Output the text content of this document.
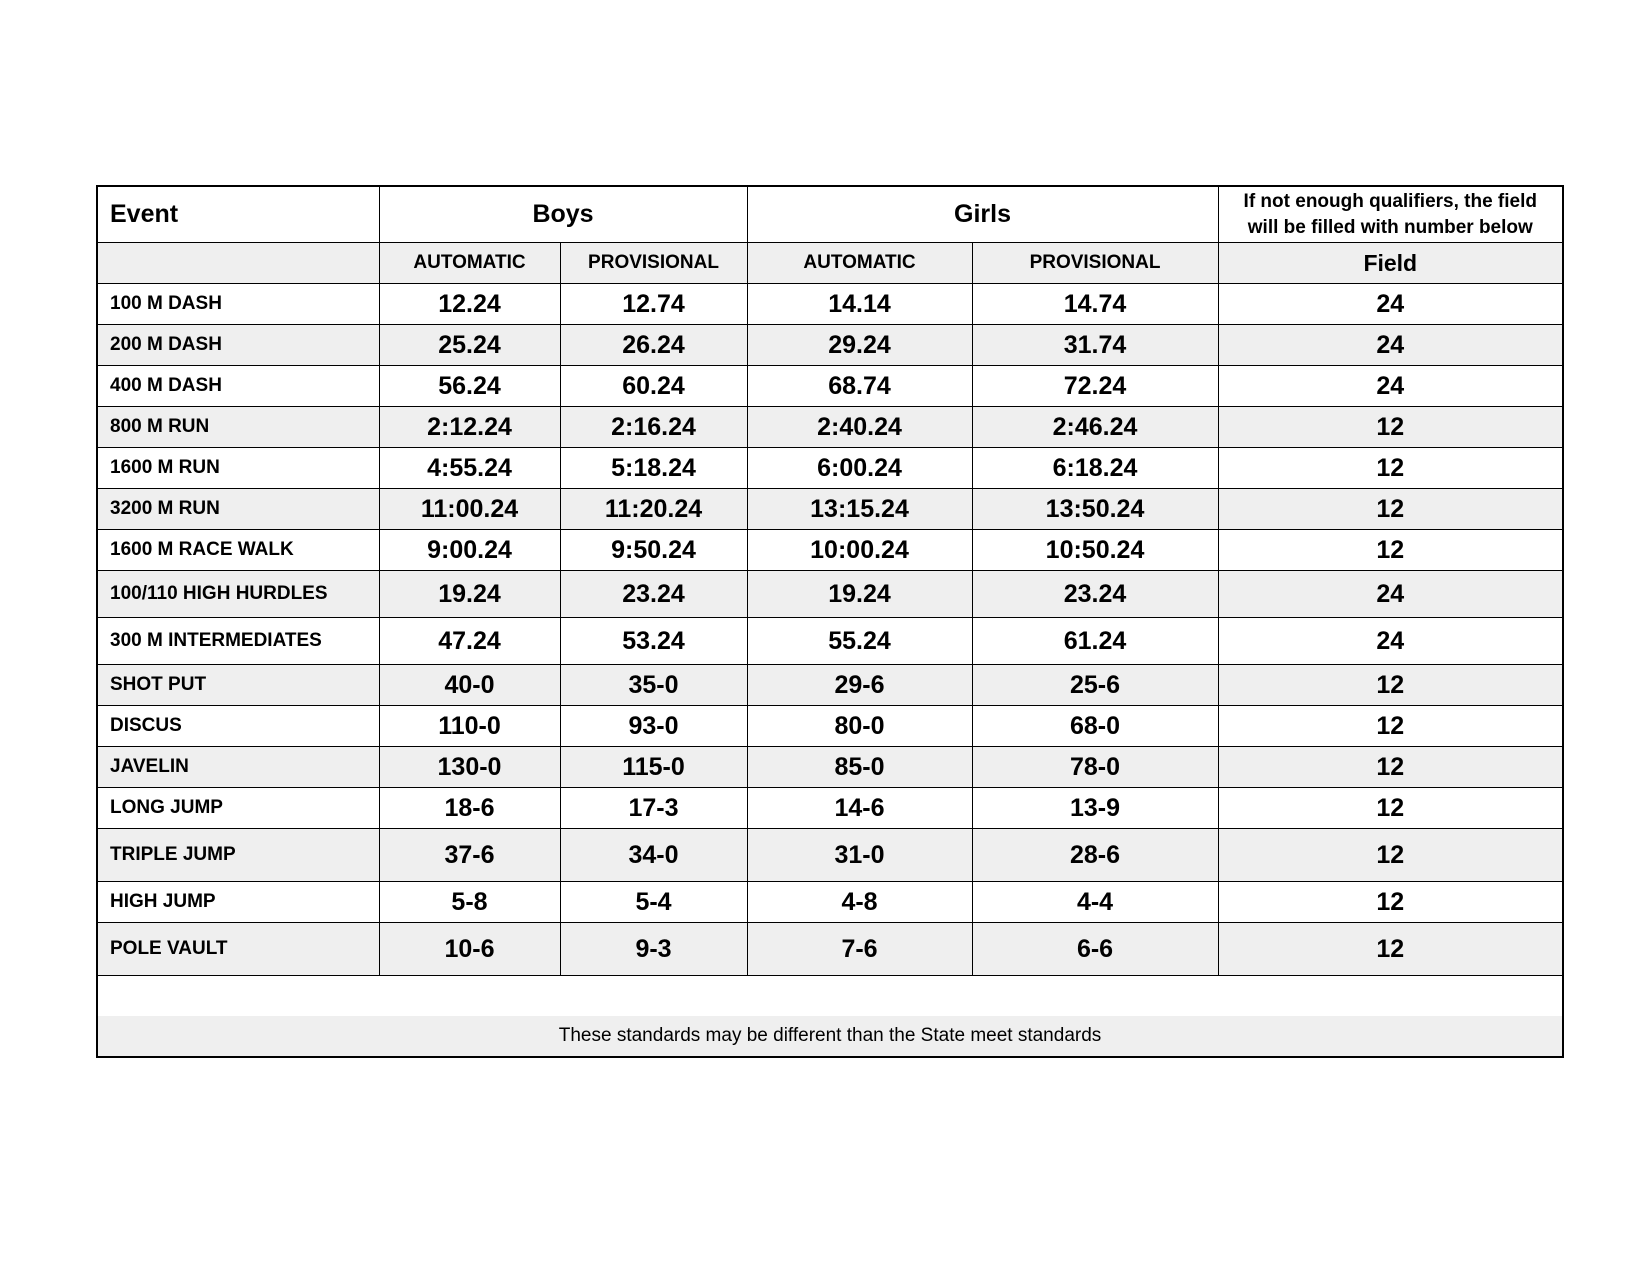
Event	Boys		Girls		If not enough qualifiers, the field
will be filled with number below

	AUTOMATIC	PROVISIONAL	AUTOMATIC	PROVISIONAL	Field
100 M DASH	12.24	12.74	14.14	14.74	24
200 M DASH	25.24	26.24	29.24	31.74	24
400 M DASH	56.24	60.24	68.74	72.24	24
800 M RUN	2:12.24	2:16.24	2:40.24	2:46.24	12
1600 M RUN	4:55.24	5:18.24	6:00.24	6:18.24	12
3200 M RUN	11:00.24	11:20.24	13:15.24	13:50.24	12
1600 M RACE WALK	9:00.24	9:50.24	10:00.24	10:50.24	12
100/110 HIGH HURDLES	19.24	23.24	19.24	23.24	24
300 M INTERMEDIATES	47.24	53.24	55.24	61.24	24
SHOT PUT	40-0	35-0	29-6	25-6	12
DISCUS	110-0	93-0	80-0	68-0	12
JAVELIN	130-0	115-0	85-0	78-0	12
LONG JUMP	18-6	17-3	14-6	13-9	12
TRIPLE JUMP	37-6	34-0	31-0	28-6	12
HIGH JUMP	5-8	5-4	4-8	4-4	12
POLE VAULT	10-6	9-3	7-6	6-6	12

These standards may be different than the State meet standards					
